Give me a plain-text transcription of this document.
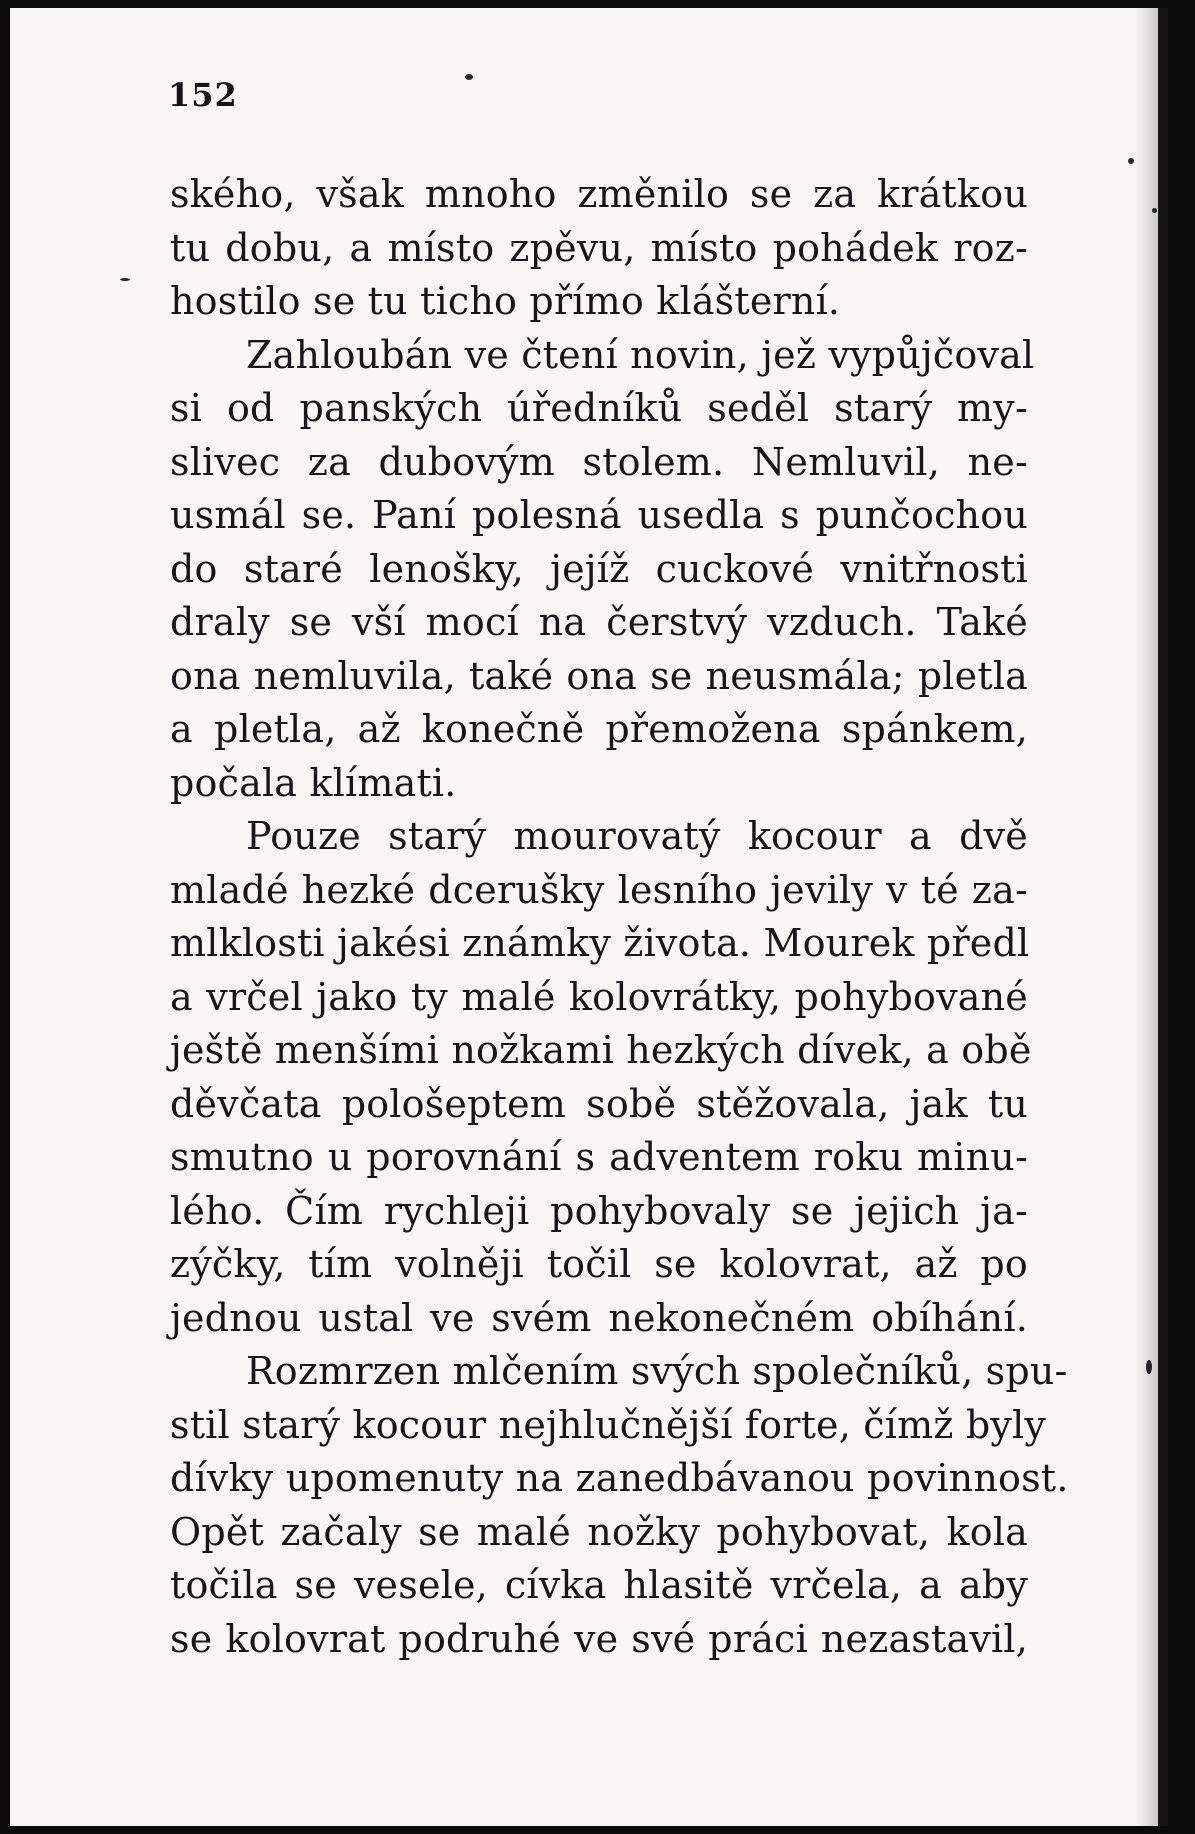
152
ského, však mnoho změnilo se za krátkou
tu dobu, a místo zpěvu, místo pohádek roz-
hostilo se tu ticho přímo klášterní.
Zahloubán ve čtení novin, jež vypůjčoval
si od panských úředníků seděl starý my-
slivec za dubovým stolem. Nemluvil, ne-
usmál se. Paní polesná usedla s punčochou
do staré lenošky, jejíž cuckové vnitřnosti
draly se vší mocí na čerstvý vzduch. Také
ona nemluvila, také ona se neusmála; pletla
a pletla, až konečně přemožena spánkem,
počala klímati.
Pouze starý mourovatý kocour a dvě
mladé hezké dcerušky lesního jevily v té za-
mlklosti jakési známky života. Mourek předl
a vrčel jako ty malé kolovrátky, pohybované
ještě menšími nožkami hezkých dívek, a obě
děvčata pološeptem sobě stěžovala, jak tu
smutno u porovnání s adventem roku minu-
lého. Čím rychleji pohybovaly se jejich ja-
zýčky, tím volněji točil se kolovrat, až po
jednou ustal ve svém nekonečném obíhání.
Rozmrzen mlčením svých společníků, spu-
stil starý kocour nejhlučnější forte, čímž byly
dívky upomenuty na zanedbávanou povinnost.
Opět začaly se malé nožky pohybovat, kola
točila se vesele, cívka hlasitě vrčela, a aby
se kolovrat podruhé ve své práci nezastavil,
